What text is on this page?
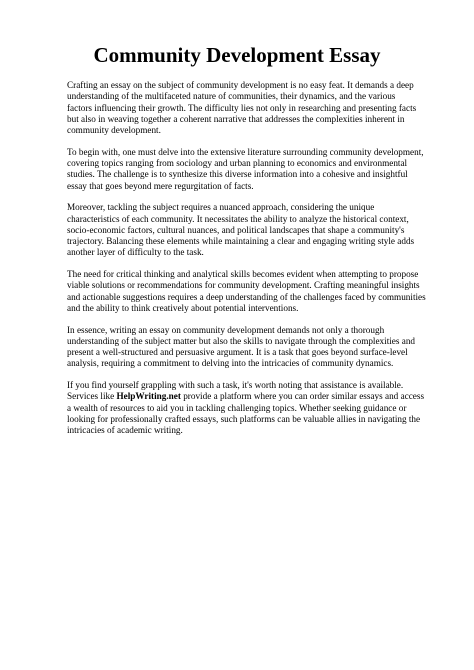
Community Development Essay

Crafting an essay on the subject of community development is no easy feat. It demands a deep
understanding of the multifaceted nature of communities, their dynamics, and the various
factors influencing their growth. The difficulty lies not only in researching and presenting facts
but also in weaving together a coherent narrative that addresses the complexities inherent in
community development.

To begin with, one must delve into the extensive literature surrounding community development,
covering topics ranging from sociology and urban planning to economics and environmental
studies. The challenge is to synthesize this diverse information into a cohesive and insightful
essay that goes beyond mere regurgitation of facts.

Moreover, tackling the subject requires a nuanced approach, considering the unique
characteristics of each community. It necessitates the ability to analyze the historical context,
socio-economic factors, cultural nuances, and political landscapes that shape a community's
trajectory. Balancing these elements while maintaining a clear and engaging writing style adds
another layer of difficulty to the task.

The need for critical thinking and analytical skills becomes evident when attempting to propose
viable solutions or recommendations for community development. Crafting meaningful insights
and actionable suggestions requires a deep understanding of the challenges faced by communities
and the ability to think creatively about potential interventions.

In essence, writing an essay on community development demands not only a thorough
understanding of the subject matter but also the skills to navigate through the complexities and
present a well-structured and persuasive argument. It is a task that goes beyond surface-level
analysis, requiring a commitment to delving into the intricacies of community dynamics.

If you find yourself grappling with such a task, it's worth noting that assistance is available.
Services like HelpWriting.net provide a platform where you can order similar essays and access
a wealth of resources to aid you in tackling challenging topics. Whether seeking guidance or
looking for professionally crafted essays, such platforms can be valuable allies in navigating the
intricacies of academic writing.
